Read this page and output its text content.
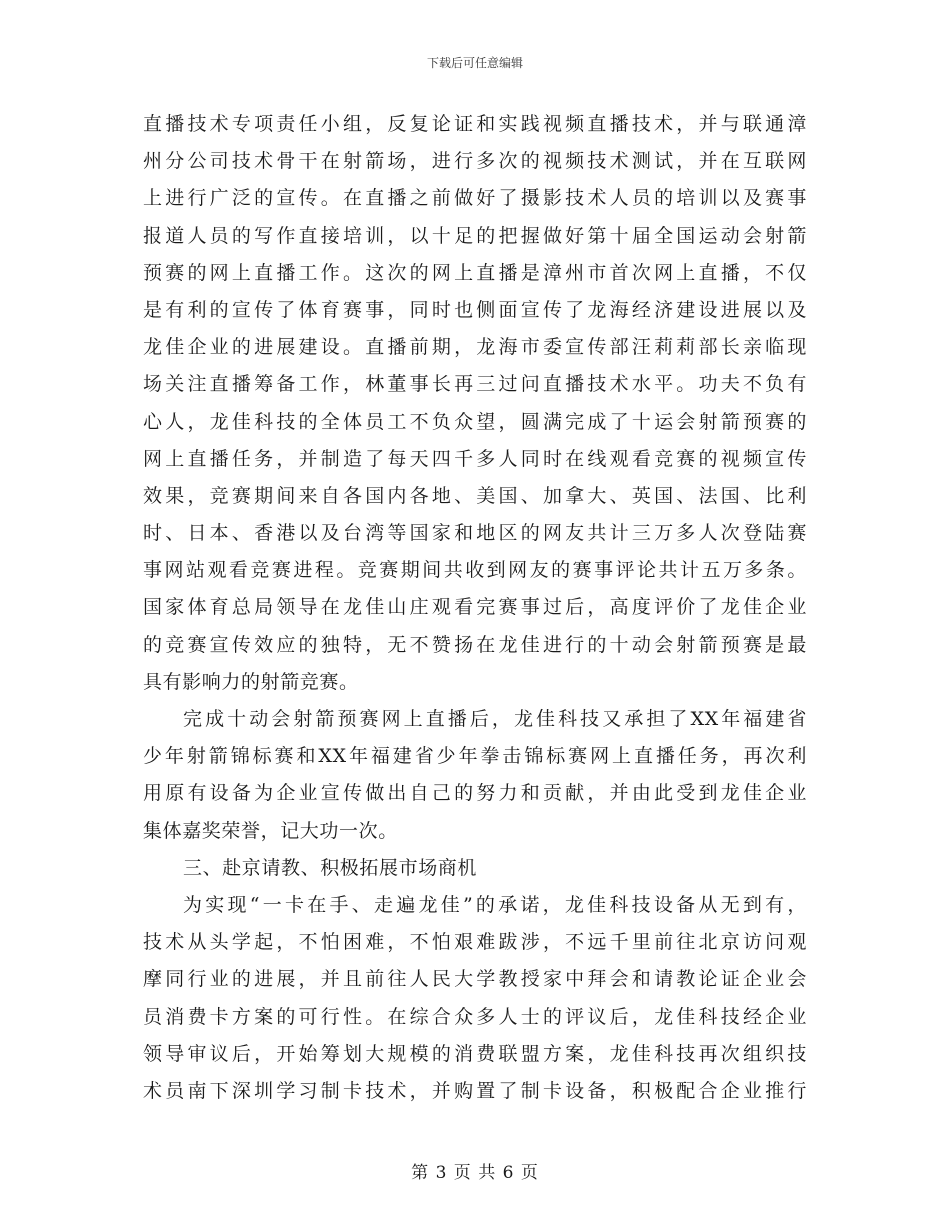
下载后可任意编辑
直播技术专项责任小组，反复论证和实践视频直播技术，并与联通漳
州分公司技术骨干在射箭场，进行多次的视频技术测试，并在互联网
上进行广泛的宣传。在直播之前做好了摄影技术人员的培训以及赛事
报道人员的写作直接培训，以十足的把握做好第十届全国运动会射箭
预赛的网上直播工作。这次的网上直播是漳州市首次网上直播，不仅
是有利的宣传了体育赛事，同时也侧面宣传了龙海经济建设进展以及
龙佳企业的进展建设。直播前期，龙海市委宣传部汪莉莉部长亲临现
场关注直播筹备工作，林董事长再三过问直播技术水平。功夫不负有
心人，龙佳科技的全体员工不负众望，圆满完成了十运会射箭预赛的
网上直播任务，并制造了每天四千多人同时在线观看竞赛的视频宣传
效果，竞赛期间来自各国内各地、美国、加拿大、英国、法国、比利
时、日本、香港以及台湾等国家和地区的网友共计三万多人次登陆赛
事网站观看竞赛进程。竞赛期间共收到网友的赛事评论共计五万多条。
国家体育总局领导在龙佳山庄观看完赛事过后，高度评价了龙佳企业
的竞赛宣传效应的独特，无不赞扬在龙佳进行的十动会射箭预赛是最
具有影响力的射箭竞赛。
完成十动会射箭预赛网上直播后，龙佳科技又承担了XX年福建省
少年射箭锦标赛和XX年福建省少年拳击锦标赛网上直播任务，再次利
用原有设备为企业宣传做出自己的努力和贡献，并由此受到龙佳企业
集体嘉奖荣誉，记大功一次。
三、赴京请教、积极拓展市场商机
为实现“一卡在手、走遍龙佳”的承诺，龙佳科技设备从无到有，
技术从头学起，不怕困难，不怕艰难跋涉，不远千里前往北京访问观
摩同行业的进展，并且前往人民大学教授家中拜会和请教论证企业会
员消费卡方案的可行性。在综合众多人士的评议后，龙佳科技经企业
领导审议后，开始筹划大规模的消费联盟方案，龙佳科技再次组织技
术员南下深圳学习制卡技术，并购置了制卡设备，积极配合企业推行
第 3 页 共 6 页
